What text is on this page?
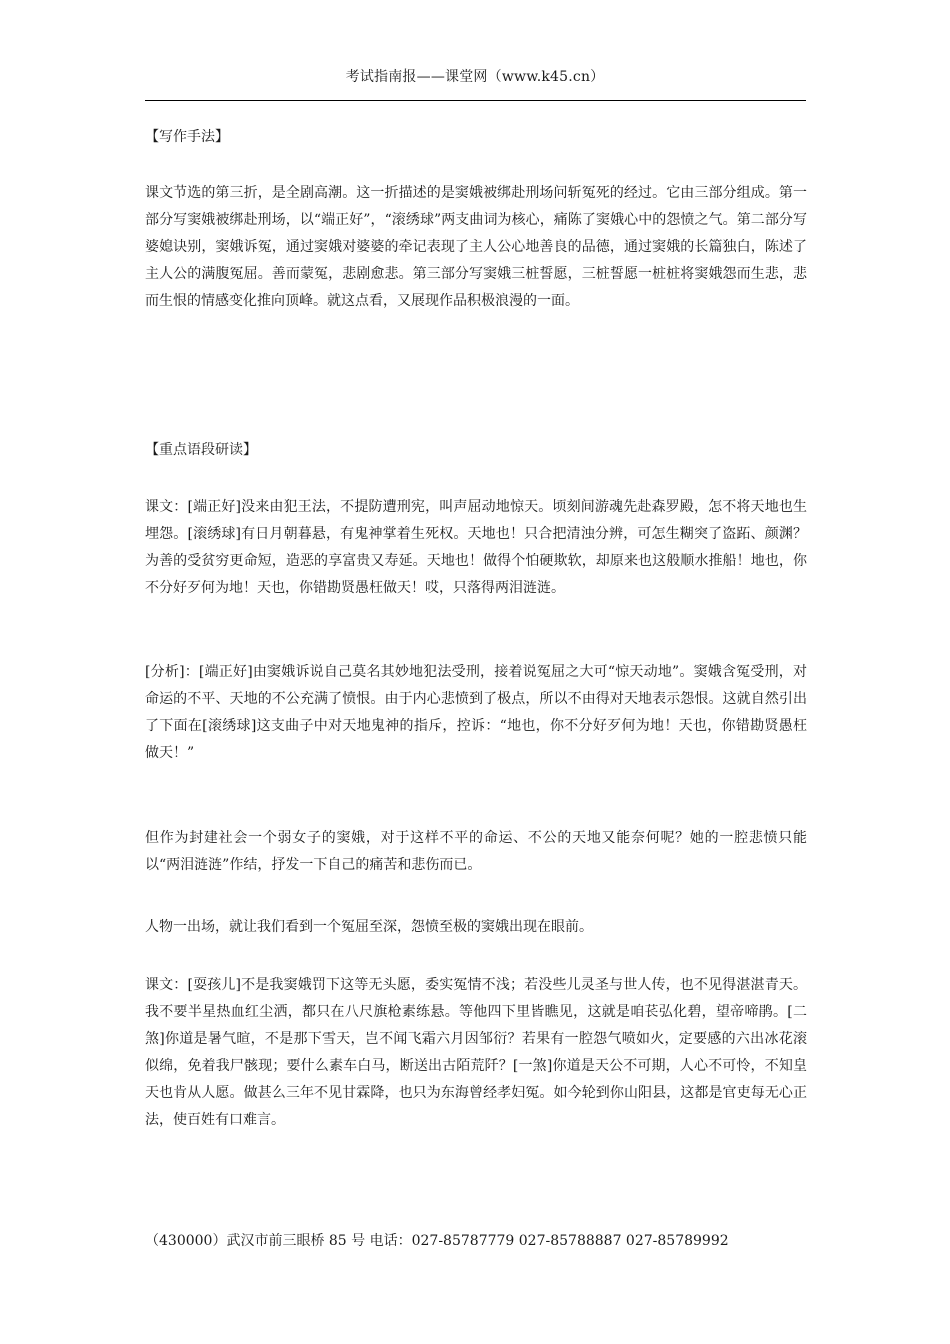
考试指南报——课堂网（www.k45.cn）

【写作手法】

课文节选的第三折，是全剧高潮。这一折描述的是窦娥被绑赴刑场问斩冤死的经过。它由三部分组成。第一部分写窦娥被绑赴刑场，以“端正好”，“滚绣球”两支曲词为核心，痛陈了窦娥心中的怨愤之气。第二部分写婆媳诀别，窦娥诉冤，通过窦娥对婆婆的牵记表现了主人公心地善良的品德，通过窦娥的长篇独白，陈述了主人公的满腹冤屈。善而蒙冤，悲剧愈悲。第三部分写窦娥三桩誓愿，三桩誓愿一桩桩将窦娥怨而生悲，悲而生恨的情感变化推向顶峰。就这点看，又展现作品积极浪漫的一面。

【重点语段研读】

课文：[端正好]没来由犯王法，不提防遭刑宪，叫声屈动地惊天。顷刻间游魂先赴森罗殿，怎不将天地也生埋怨。[滚绣球]有日月朝暮悬，有鬼神掌着生死权。天地也！只合把清浊分辨，可怎生糊突了盗跖、颜渊？为善的受贫穷更命短，造恶的享富贵又寿延。天地也！做得个怕硬欺软，却原来也这般顺水推船！地也，你不分好歹何为地！天也，你错勘贤愚枉做天！哎，只落得两泪涟涟。

[分析]：[端正好]由窦娥诉说自己莫名其妙地犯法受刑，接着说冤屈之大可“惊天动地”。窦娥含冤受刑，对命运的不平、天地的不公充满了愤恨。由于内心悲愤到了极点，所以不由得对天地表示怨恨。这就自然引出了下面在[滚绣球]这支曲子中对天地鬼神的指斥，控诉：“地也，你不分好歹何为地！天也，你错勘贤愚枉做天！”

但作为封建社会一个弱女子的窦娥，对于这样不平的命运、不公的天地又能奈何呢？她的一腔悲愤只能以“两泪涟涟”作结，抒发一下自己的痛苦和悲伤而已。

人物一出场，就让我们看到一个冤屈至深，怨愤至极的窦娥出现在眼前。

课文：[耍孩儿]不是我窦娥罚下这等无头愿，委实冤情不浅；若没些儿灵圣与世人传，也不见得湛湛青天。我不要半星热血红尘洒，都只在八尺旗枪素练悬。等他四下里皆瞧见，这就是咱苌弘化碧，望帝啼鹃。[二煞]你道是暑气暄，不是那下雪天，岂不闻飞霜六月因邹衍？若果有一腔怨气喷如火，定要感的六出冰花滚似绵，免着我尸骸现；要什么素车白马，断送出古陌荒阡？[一煞]你道是天公不可期，人心不可怜，不知皇天也肯从人愿。做甚么三年不见甘霖降，也只为东海曾经孝妇冤。如今轮到你山阳县，这都是官吏每无心正法，使百姓有口难言。

（430000）武汉市前三眼桥 85 号 电话：027-85787779 027-85788887 027-85789992
